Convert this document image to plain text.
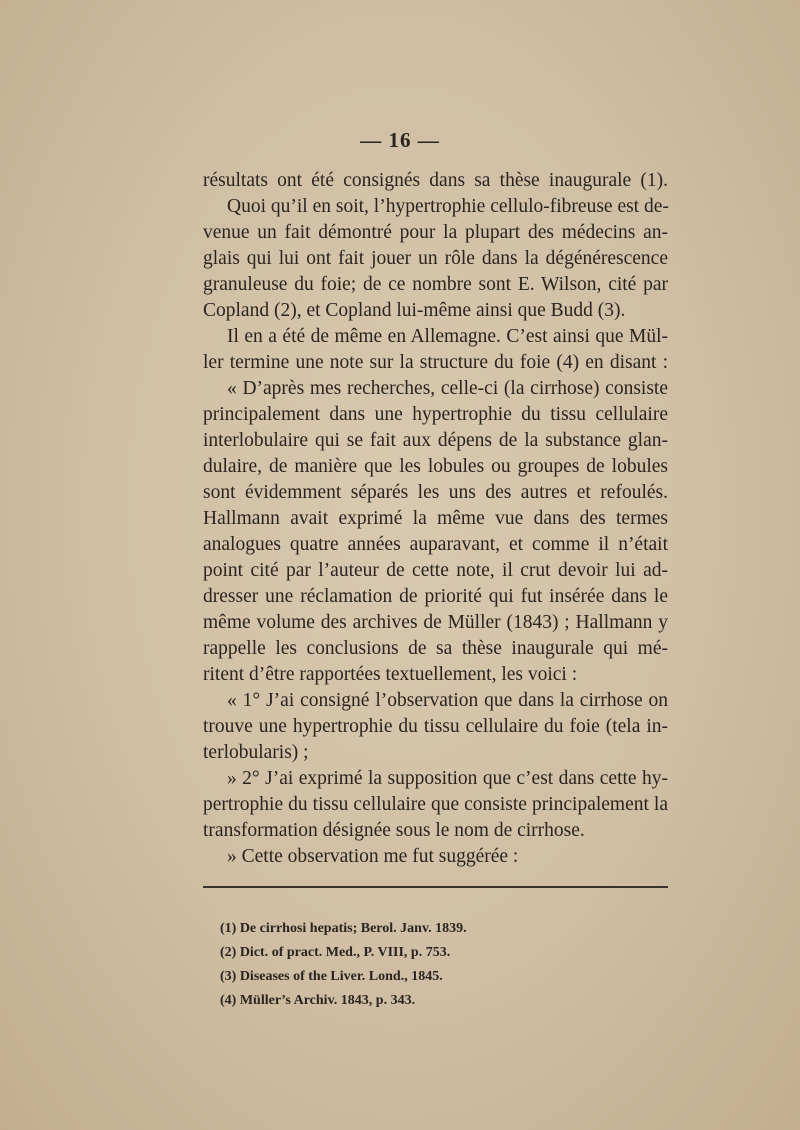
— 16 —
résultats ont été consignés dans sa thèse inaugurale (1).
Quoi qu’il en soit, l’hypertrophie cellulo-fibreuse est de-
venue un fait démontré pour la plupart des médecins an-
glais qui lui ont fait jouer un rôle dans la dégénérescence
granuleuse du foie; de ce nombre sont E. Wilson, cité par
Copland (2), et Copland lui-même ainsi que Budd (3).
Il en a été de même en Allemagne. C’est ainsi que Mül-
ler termine une note sur la structure du foie (4) en disant :
« D’après mes recherches, celle-ci (la cirrhose) consiste
principalement dans une hypertrophie du tissu cellulaire
interlobulaire qui se fait aux dépens de la substance glan-
dulaire, de manière que les lobules ou groupes de lobules
sont évidemment séparés les uns des autres et refoulés.
Hallmann avait exprimé la même vue dans des termes
analogues quatre années auparavant, et comme il n’était
point cité par l’auteur de cette note, il crut devoir lui ad-
dresser une réclamation de priorité qui fut insérée dans le
même volume des archives de Müller (1843) ; Hallmann y
rappelle les conclusions de sa thèse inaugurale qui mé-
ritent d’être rapportées textuellement, les voici :
« 1° J’ai consigné l’observation que dans la cirrhose on
trouve une hypertrophie du tissu cellulaire du foie (tela in-
terlobularis) ;
» 2° J’ai exprimé la supposition que c’est dans cette hy-
pertrophie du tissu cellulaire que consiste principalement la
transformation désignée sous le nom de cirrhose.
» Cette observation me fut suggérée :
(1) De cirrhosi hepatis; Berol. Janv. 1839.
(2) Dict. of pract. Med., P. VIII, p. 753.
(3) Diseases of the Liver. Lond., 1845.
(4) Müller’s Archiv. 1843, p. 343.
